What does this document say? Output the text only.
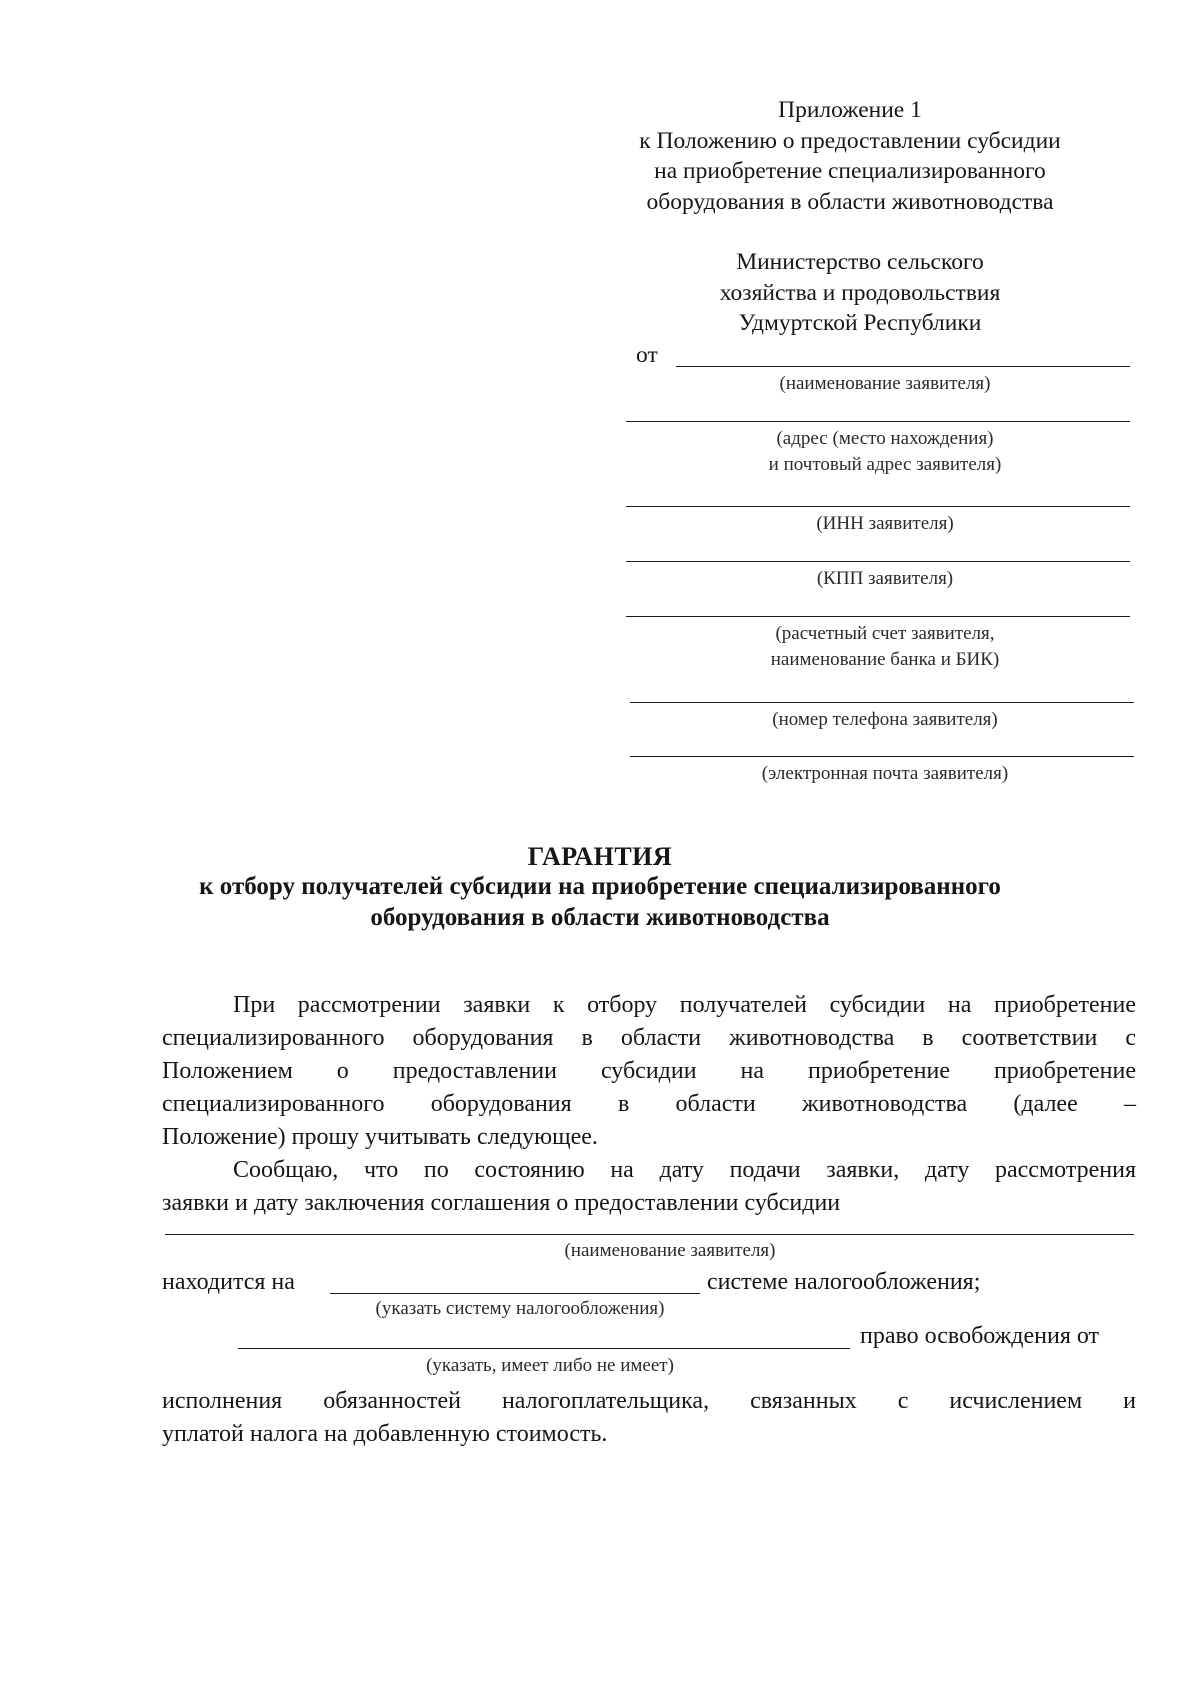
Приложение 1
к Положению о предоставлении субсидии
на приобретение специализированного
оборудования в области животноводства
Министерство сельского
хозяйства и продовольствия
Удмуртской Республики
от
(наименование заявителя)
(адрес (место нахождения)
и почтовый адрес заявителя)
(ИНН заявителя)
(КПП заявителя)
(расчетный счет заявителя,
наименование банка и БИК)
(номер телефона заявителя)
(электронная почта заявителя)
ГАРАНТИЯ
к отбору получателей субсидии на приобретение специализированного
оборудования в области животноводства
При рассмотрении заявки к отбору получателей субсидии на приобретение
специализированного оборудования в области животноводства в соответствии с
Положением о предоставлении субсидии на приобретение приобретение
специализированного оборудования в области животноводства (далее –
Положение) прошу учитывать следующее.
Сообщаю, что по состоянию на дату подачи заявки, дату рассмотрения
заявки и дату заключения соглашения о предоставлении субсидии
(наименование заявителя)
находится на	системе налогообложения;
(указать систему налогообложения)
право освобождения от
(указать, имеет либо не имеет)
исполнения обязанностей налогоплательщика, связанных с исчислением и
уплатой налога на добавленную стоимость.
